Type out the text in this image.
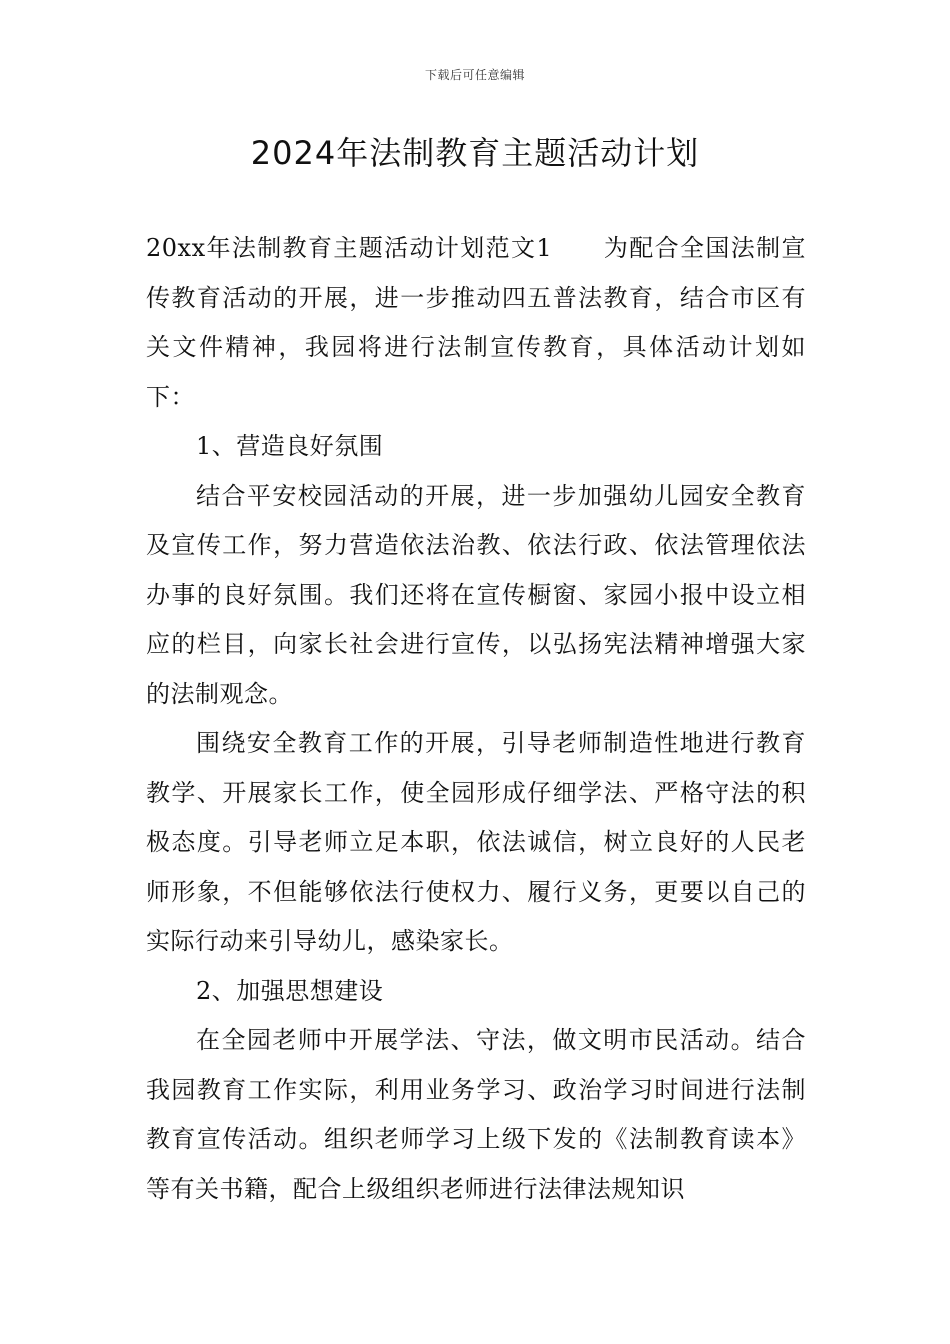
下载后可任意编辑
2024年法制教育主题活动计划

20xx年法制教育主题活动计划范文1　　为配合全国法制宣传教育活动的开展，进一步推动四五普法教育，结合市区有关文件精神，我园将进行法制宣传教育，具体活动计划如下：

1、营造良好氛围

结合平安校园活动的开展，进一步加强幼儿园安全教育及宣传工作，努力营造依法治教、依法行政、依法管理依法办事的良好氛围。我们还将在宣传橱窗、家园小报中设立相应的栏目，向家长社会进行宣传，以弘扬宪法精神增强大家的法制观念。

围绕安全教育工作的开展，引导老师制造性地进行教育教学、开展家长工作，使全园形成仔细学法、严格守法的积极态度。引导老师立足本职，依法诚信，树立良好的人民老师形象，不但能够依法行使权力、履行义务，更要以自己的实际行动来引导幼儿，感染家长。

2、加强思想建设

在全园老师中开展学法、守法，做文明市民活动。结合我园教育工作实际，利用业务学习、政治学习时间进行法制教育宣传活动。组织老师学习上级下发的《法制教育读本》等有关书籍，配合上级组织老师进行法律法规知识
